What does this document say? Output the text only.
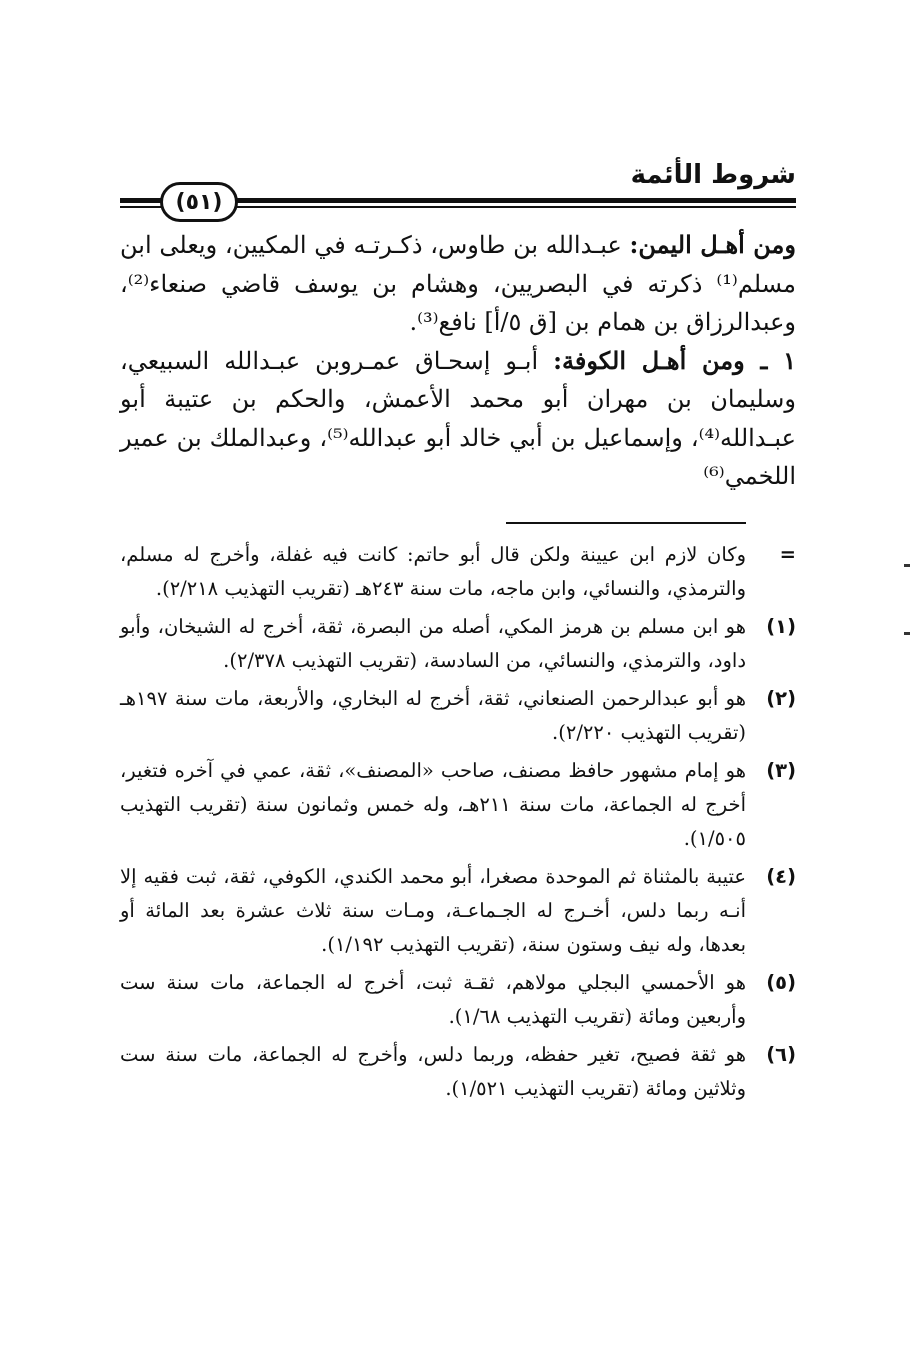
شروط الأئمة
(٥١)

ومن أهـل اليمن: عبـدالله بن طاوس، ذكـرتـه في المكيين، ويعلى ابن مسلم⁽¹⁾ ذكرته في البصريين، وهشام بن يوسف قاضي صنعاء⁽²⁾، وعبدالرزاق بن همام بن [ق ٥/أ] نافع⁽³⁾.

١ ـ ومن أهـل الكوفة: أبـو إسحـاق عمـروبن عبـدالله السبيعي، وسليمان بن مهران أبو محمد الأعمش، والحكم بن عتيبة أبو عبـدالله⁽⁴⁾، وإسماعيل بن أبي خالد أبو عبدالله⁽⁵⁾، وعبدالملك بن عمير اللخمي⁽⁶⁾

=
وكان لازم ابن عيينة ولكن قال أبو حاتم: كانت فيه غفلة، وأخرج له مسلم، والترمذي، والنسائي، وابن ماجه، مات سنة ٢٤٣هـ (تقريب التهذيب ٢/٢١٨).
(١)
هو ابن مسلم بن هرمز المكي، أصله من البصرة، ثقة، أخرج له الشيخان، وأبو داود، والترمذي، والنسائي، من السادسة، (تقريب التهذيب ٢/٣٧٨).
(٢)
هو أبو عبدالرحمن الصنعاني، ثقة، أخرج له البخاري، والأربعة، مات سنة ١٩٧هـ (تقريب التهذيب ٢/٢٢٠).
(٣)
هو إمام مشهور حافظ مصنف، صاحب «المصنف»، ثقة، عمي في آخره فتغير، أخرج له الجماعة، مات سنة ٢١١هـ، وله خمس وثمانون سنة (تقريب التهذيب ١/٥٠٥).
(٤)
عتيبة بالمثناة ثم الموحدة مصغرا، أبو محمد الكندي، الكوفي، ثقة، ثبت فقيه إلا أنـه ربما دلس، أخـرج له الجـماعـة، ومـات سنة ثلاث عشرة بعد المائة أو بعدها، وله نيف وستون سنة، (تقريب التهذيب ١/١٩٢).
(٥)
هو الأحمسي البجلي مولاهم، ثقـة ثبت، أخرج له الجماعة، مات سنة ست وأربعين ومائة (تقريب التهذيب ١/٦٨).
(٦)
هو ثقة فصيح، تغير حفظه، وربما دلس، وأخرج له الجماعة، مات سنة ست وثلاثين ومائة (تقريب التهذيب ١/٥٢١).
